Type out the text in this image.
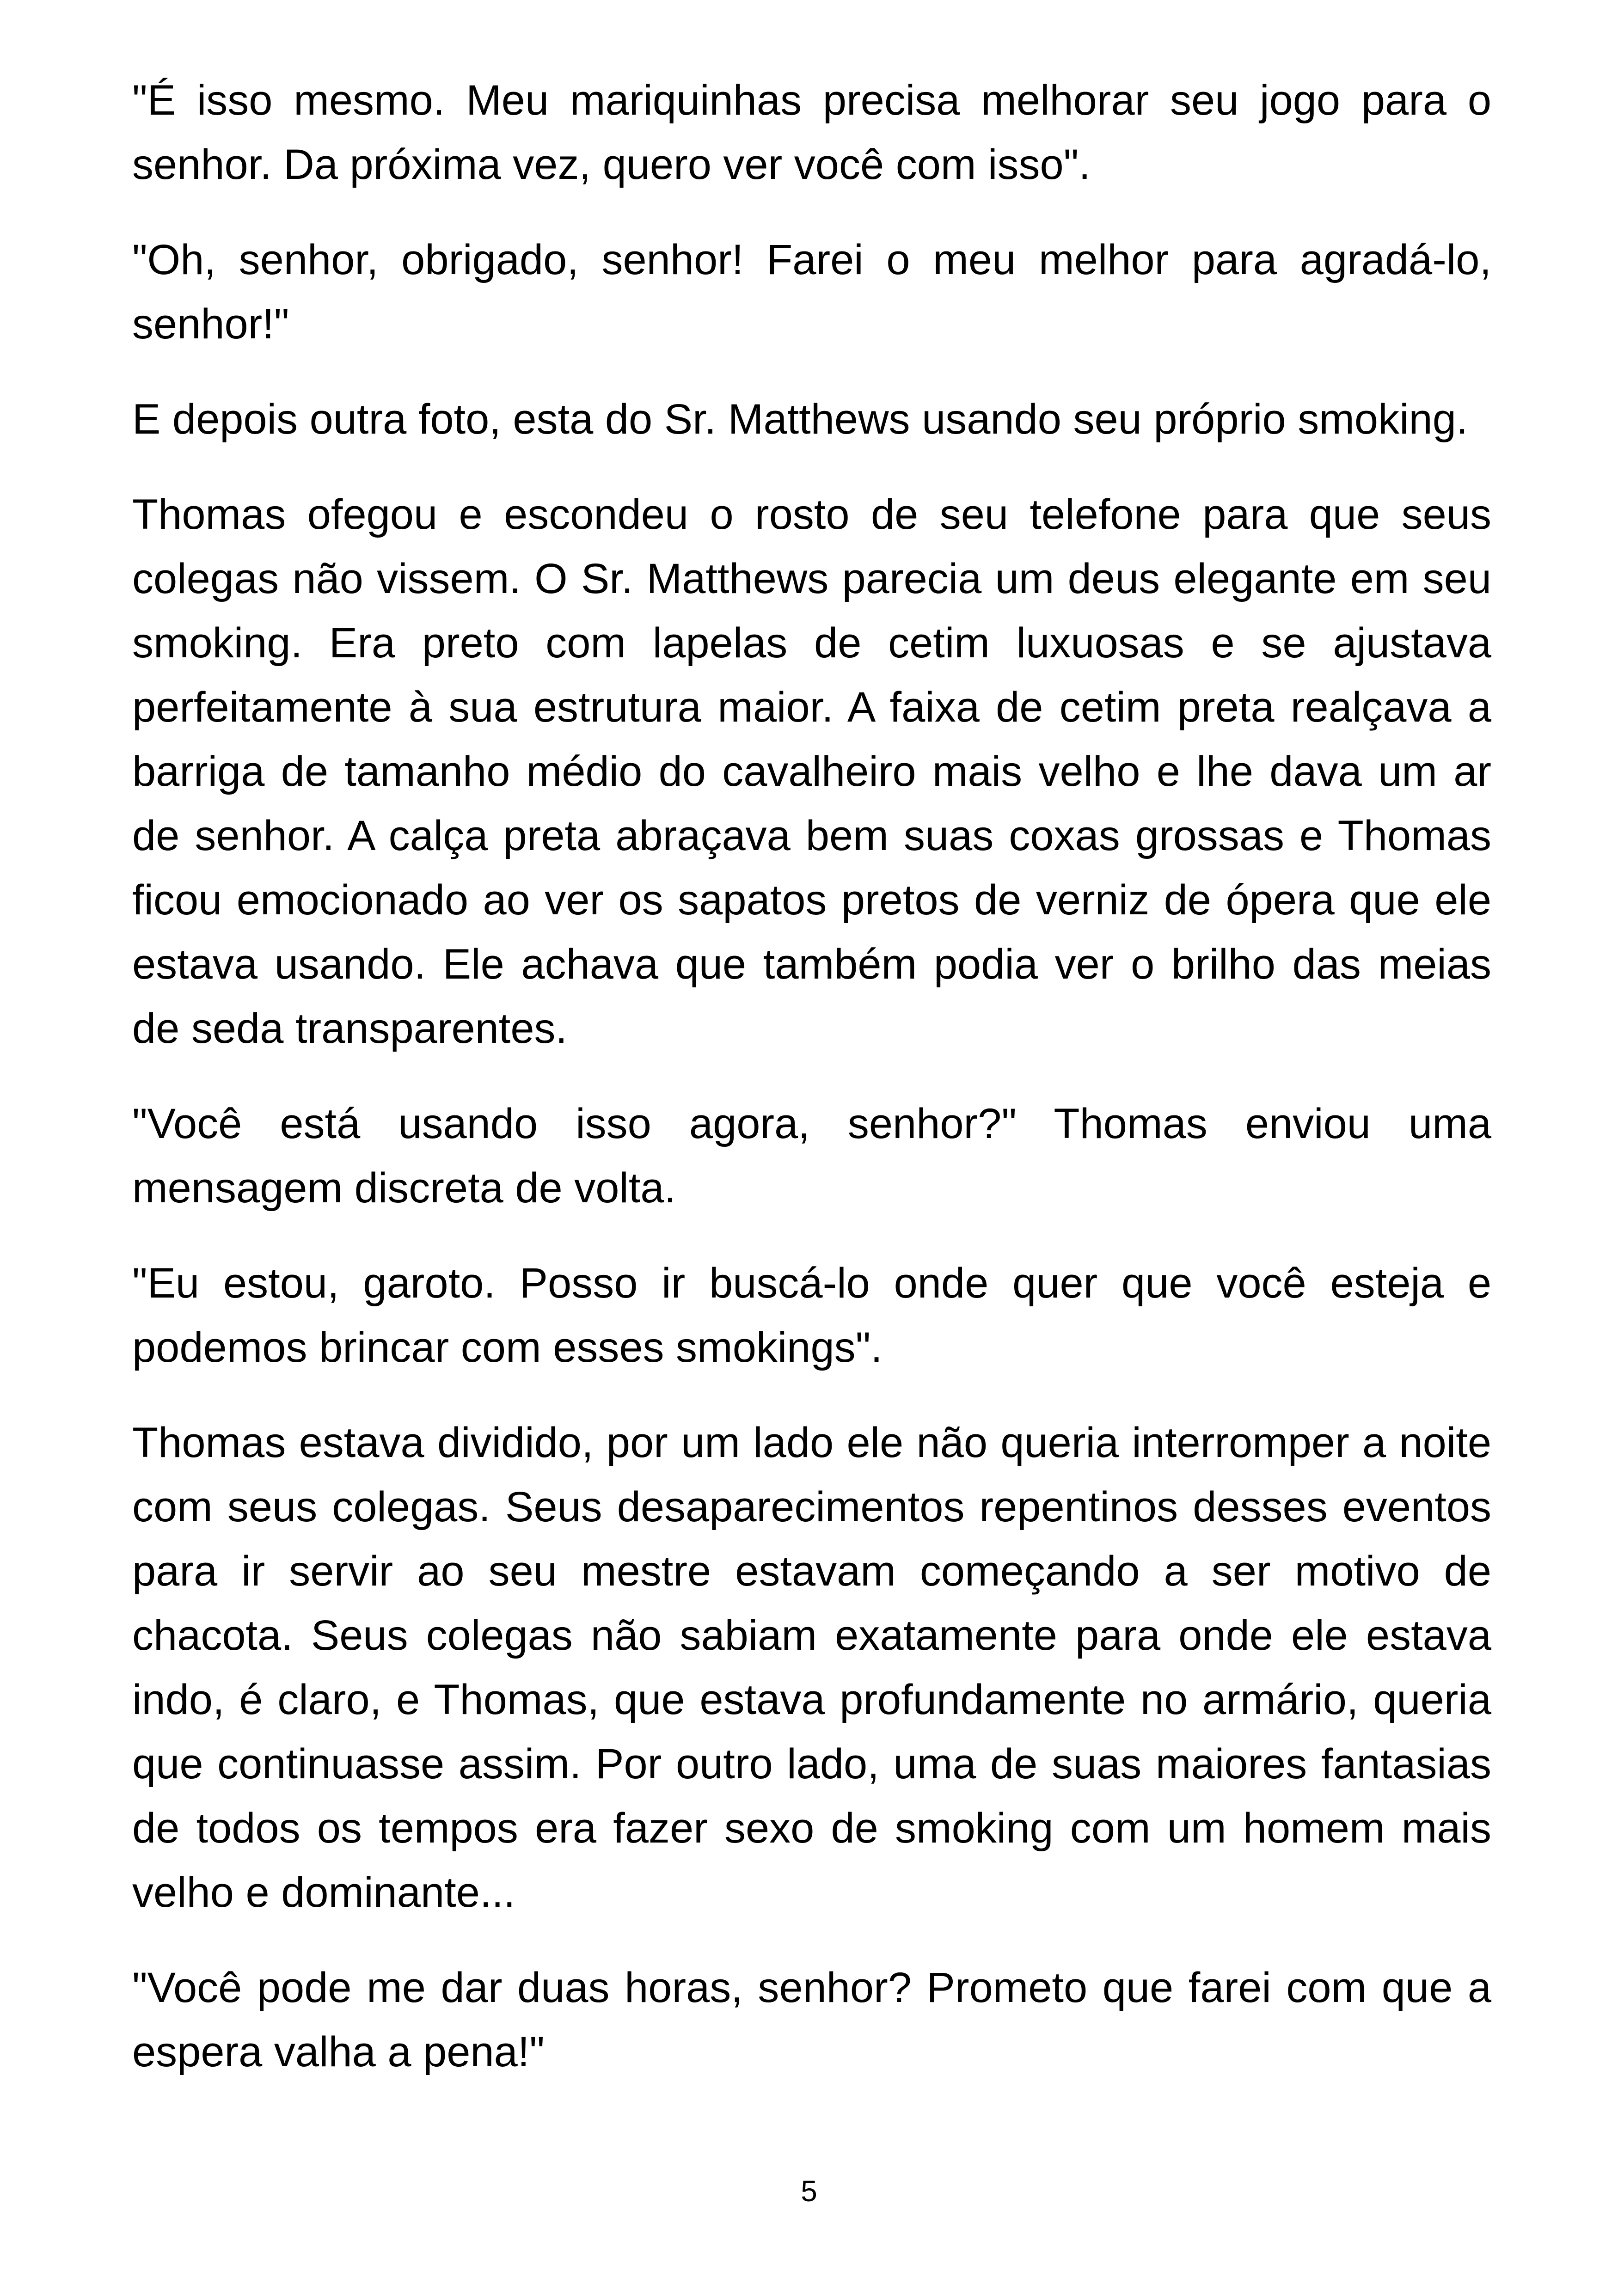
"É isso mesmo. Meu mariquinhas precisa melhorar seu jogo para o senhor. Da próxima vez, quero ver você com isso".

"Oh, senhor, obrigado, senhor! Farei o meu melhor para agradá-lo, senhor!"

E depois outra foto, esta do Sr. Matthews usando seu próprio smoking.

Thomas ofegou e escondeu o rosto de seu telefone para que seus colegas não vissem. O Sr. Matthews parecia um deus elegante em seu smoking. Era preto com lapelas de cetim luxuosas e se ajustava perfeitamente à sua estrutura maior. A faixa de cetim preta realçava a barriga de tamanho médio do cavalheiro mais velho e lhe dava um ar de senhor. A calça preta abraçava bem suas coxas grossas e Thomas ficou emocionado ao ver os sapatos pretos de verniz de ópera que ele estava usando. Ele achava que também podia ver o brilho das meias de seda transparentes.

"Você está usando isso agora, senhor?" Thomas enviou uma mensagem discreta de volta.

"Eu estou, garoto. Posso ir buscá-lo onde quer que você esteja e podemos brincar com esses smokings".

Thomas estava dividido, por um lado ele não queria interromper a noite com seus colegas. Seus desaparecimentos repentinos desses eventos para ir servir ao seu mestre estavam começando a ser motivo de chacota. Seus colegas não sabiam exatamente para onde ele estava indo, é claro, e Thomas, que estava profundamente no armário, queria que continuasse assim. Por outro lado, uma de suas maiores fantasias de todos os tempos era fazer sexo de smoking com um homem mais velho e dominante...

"Você pode me dar duas horas, senhor? Prometo que farei com que a espera valha a pena!"

5
